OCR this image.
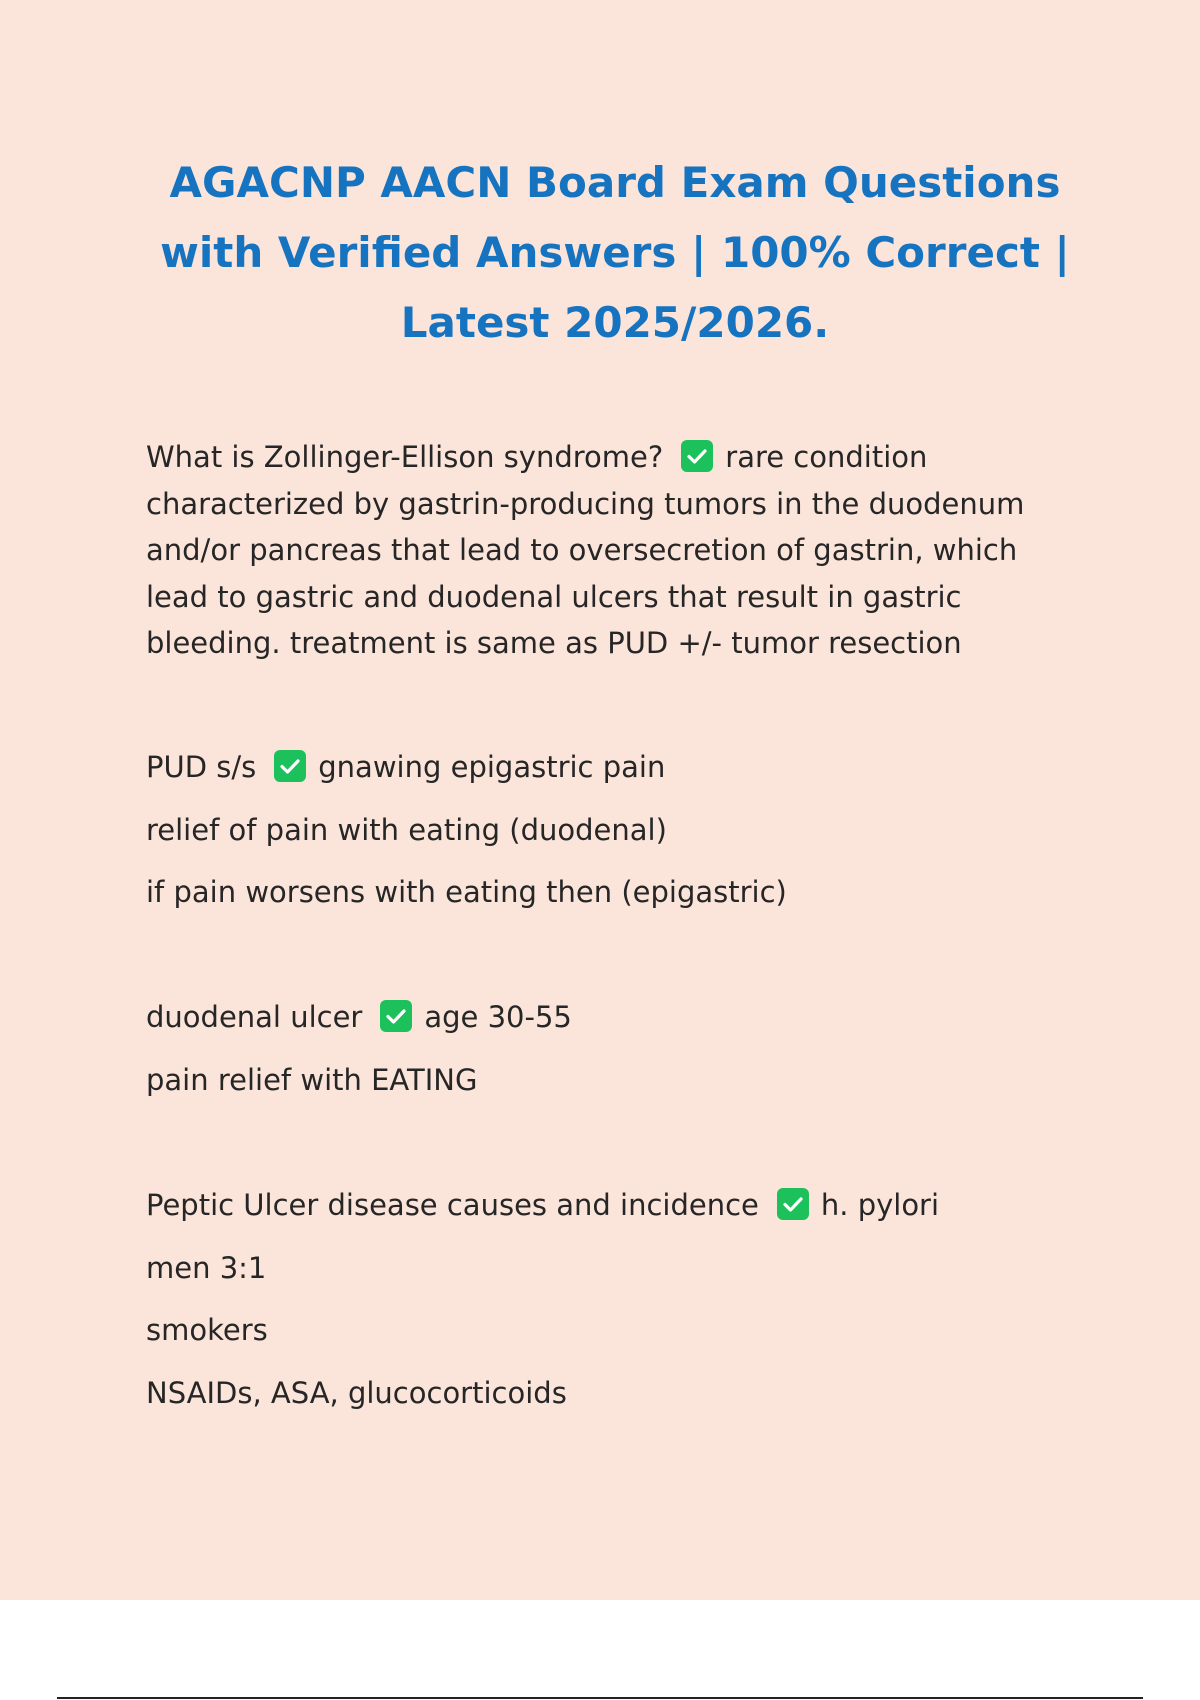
AGACNP AACN Board Exam Questions with Verified Answers | 100% Correct | Latest 2025/2026.

What is Zollinger-Ellison syndrome? rare condition characterized by gastrin-producing tumors in the duodenum and/or pancreas that lead to oversecretion of gastrin, which lead to gastric and duodenal ulcers that result in gastric bleeding. treatment is same as PUD +/- tumor resection

PUD s/s gnawing epigastric pain

relief of pain with eating (duodenal)

if pain worsens with eating then (epigastric)

duodenal ulcer age 30-55

pain relief with EATING

Peptic Ulcer disease causes and incidence h. pylori

men 3:1

smokers

NSAIDs, ASA, glucocorticoids
